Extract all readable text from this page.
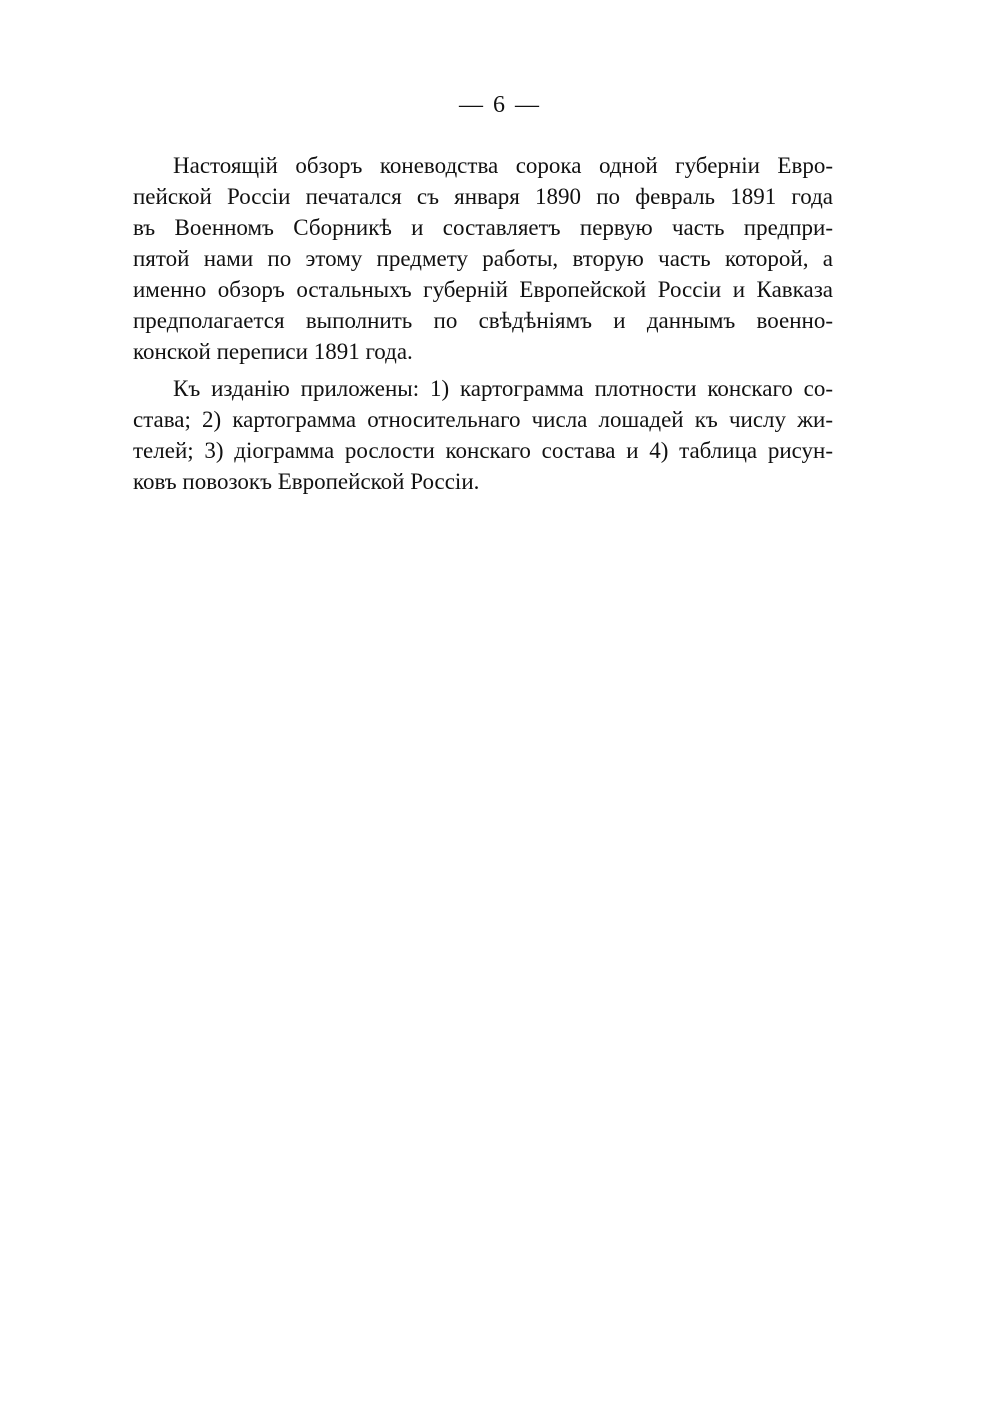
— 6 —
Настоящій обзоръ коневодства сорока одной губерніи Евро-
пейской Россіи печатался съ января 1890 по февраль 1891 года
въ Военномъ Сборникѣ и составляетъ первую часть предпри-
пятой нами по этому предмету работы, вторую часть которой, а
именно обзоръ остальныхъ губерній Европейской Россіи и Кавказа
предполагается выполнить по свѣдѣніямъ и даннымъ военно-
конской переписи 1891 года.
Къ изданію приложены: 1) картограмма плотности конскаго со-
става; 2) картограмма относительнаго числа лошадей къ числу жи-
телей; 3) діограмма рослости конскаго состава и 4) таблица рисун-
ковъ повозокъ Европейской Россіи.
